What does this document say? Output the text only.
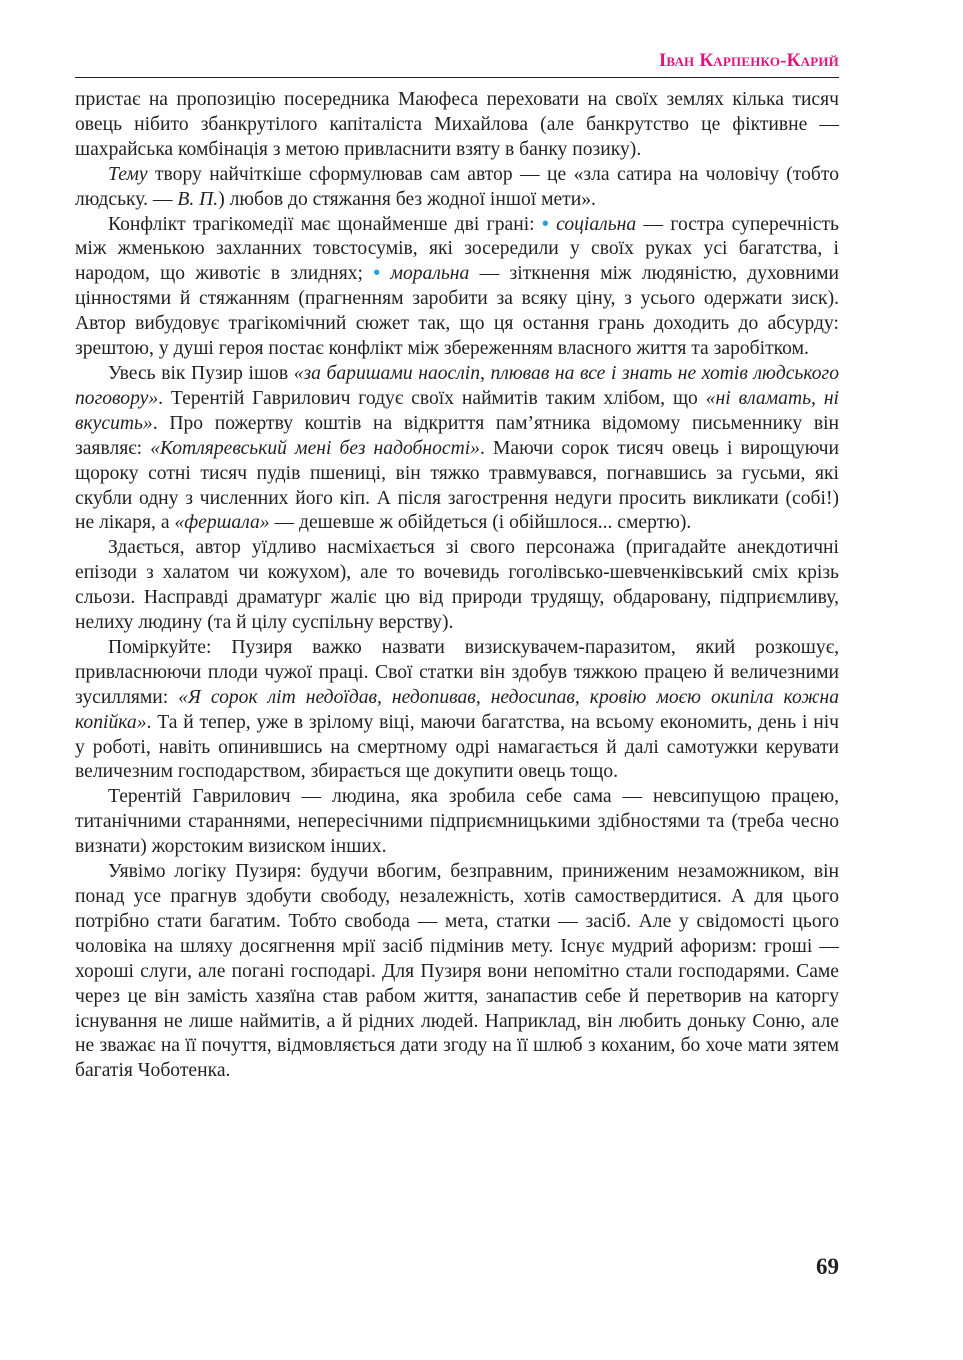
Іван Карпенко-Карий

пристає на пропозицію посередника Маюфеса переховати на своїх землях кілька тисяч овець нібито збанкрутілого капіталіста Михайлова (але банкрутство це фіктивне — шахрайська комбінація з метою привласнити взяту в банку позику).

Тему твору найчіткіше сформулював сам автор — це «зла сатира на чоловічу (тобто людську. — В. П.) любов до стяжання без жодної іншої мети».

Конфлікт трагікомедії має щонайменше дві грані: • соціальна — гостра суперечність між жменькою захланних товстосумів, які зосередили у своїх руках усі багатства, і народом, що животіє в злиднях; • моральна — зіткнення між людяністю, духовними цінностями й стяжанням (прагненням заробити за всяку ціну, з усього одержати зиск). Автор вибудовує трагікомічний сюжет так, що ця остання грань доходить до абсурду: зрештою, у душі героя постає конфлікт між збереженням власного життя та заробітком.

Увесь вік Пузир ішов «за баришами наосліп, плював на все і знать не хотів людського поговору». Терентій Гаврилович годує своїх наймитів таким хлібом, що «ні вламать, ні вкусить». Про пожертву коштів на відкриття пам’ятника відомому письменнику він заявляє: «Котляревський мені без надобності». Маючи сорок тисяч овець і вирощуючи щороку сотні тисяч пудів пшениці, він тяжко травмувався, погнавшись за гусьми, які скубли одну з численних його кіп. А після загострення недуги просить викликати (собі!) не лікаря, а «фершала» — дешевше ж обійдеться (і обійшлося... смертю).

Здається, автор уїдливо насміхається зі свого персонажа (пригадайте анекдотичні епізоди з халатом чи кожухом), але то вочевидь гоголівсько-шевченківський сміх крізь сльози. Насправді драматург жаліє цю від природи трудящу, обдаровану, підприємливу, нелиху людину (та й цілу суспільну верству).

Поміркуйте: Пузиря важко назвати визискувачем-паразитом, який розкошує, привласнюючи плоди чужої праці. Свої статки він здобув тяжкою працею й величезними зусиллями: «Я сорок літ недоїдав, недопивав, недосипав, кровію моєю окипіла кожна копійка». Та й тепер, уже в зрілому віці, маючи багатства, на всьому економить, день і ніч у роботі, навіть опинившись на смертному одрі намагається й далі самотужки керувати величезним господарством, збирається ще докупити овець тощо.

Терентій Гаврилович — людина, яка зробила себе сама — невсипущою працею, титанічними стараннями, непересічними підприємницькими здібностями та (треба чесно визнати) жорстоким визиском інших.

Уявімо логіку Пузиря: будучи вбогим, безправним, приниженим незаможником, він понад усе прагнув здобути свободу, незалежність, хотів самоствердитися. А для цього потрібно стати багатим. Тобто свобода — мета, статки — засіб. Але у свідомості цього чоловіка на шляху досягнення мрії засіб підмінив мету. Існує мудрий афоризм: гроші — хороші слуги, але погані господарі. Для Пузиря вони непомітно стали господарями. Саме через це він замість хазяїна став рабом життя, занапастив себе й перетворив на каторгу існування не лише наймитів, а й рідних людей. Наприклад, він любить доньку Соню, але не зважає на її почуття, відмовляється дати згоду на її шлюб з коханим, бо хоче мати зятем багатія Чоботенка.

69
